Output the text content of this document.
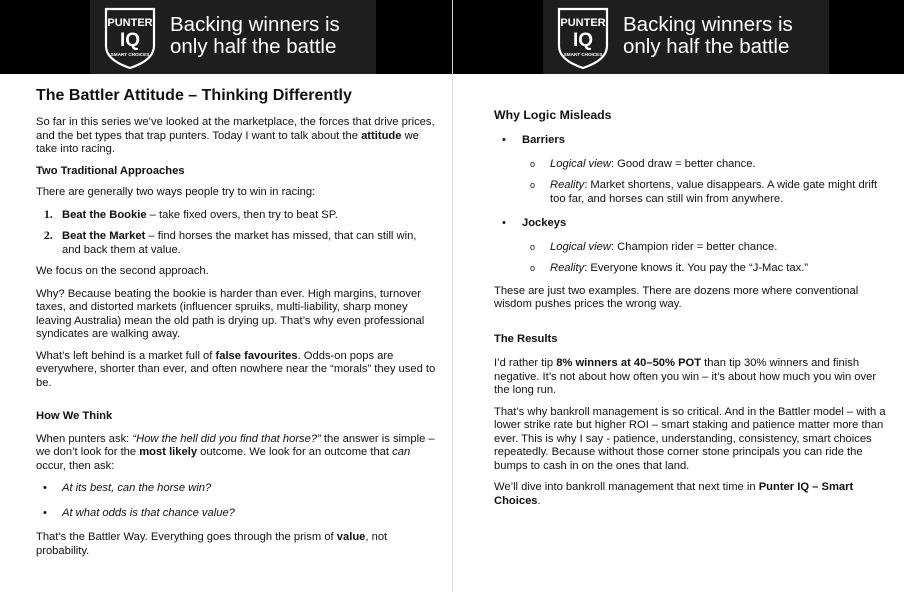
PUNTER
IQ
SMART CHOICES
Backing winners is
only half the battle
The Battler Attitude – Thinking Differently

So far in this series we’ve looked at the marketplace, the forces that drive prices, and the bet types that trap punters. Today I want to talk about the attitude we take into racing.

Two Traditional Approaches

There are generally two ways people try to win in racing:

1. Beat the Bookie – take fixed overs, then try to beat SP.
2. Beat the Market – find horses the market has missed, that can still win, and back them at value.

We focus on the second approach.

Why? Because beating the bookie is harder than ever. High margins, turnover taxes, and distorted markets (influencer spruiks, multi-liability, sharp money leaving Australia) mean the old path is drying up. That’s why even professional syndicates are walking away.

What’s left behind is a market full of false favourites. Odds-on pops are everywhere, shorter than ever, and often nowhere near the “morals” they used to be.

How We Think

When punters ask: “How the hell did you find that horse?” the answer is simple – we don’t look for the most likely outcome. We look for an outcome that can occur, then ask:

•	At its best, can the horse win?
•	At what odds is that chance value?

That’s the Battler Way. Everything goes through the prism of value, not probability.

PUNTER
IQ
SMART CHOICES
Backing winners is
only half the battle
Why Logic Misleads
•	Barriers
o	Logical view: Good draw = better chance.
o	Reality: Market shortens, value disappears. A wide gate might drift too far, and horses can still win from anywhere.
•	Jockeys
o	Logical view: Champion rider = better chance.
o	Reality: Everyone knows it. You pay the “J-Mac tax.”

These are just two examples. There are dozens more where conventional wisdom pushes prices the wrong way.

The Results

I’d rather tip 8% winners at 40–50% POT than tip 30% winners and finish negative. It’s not about how often you win – it’s about how much you win over the long run.

That’s why bankroll management is so critical. And in the Battler model – with a lower strike rate but higher ROI – smart staking and patience matter more than ever. This is why I say - patience, understanding, consistency, smart choices repeatedly. Because without those corner stone principals you can ride the bumps to cash in on the ones that land.

We’ll dive into bankroll management that next time in Punter IQ – Smart Choices.
